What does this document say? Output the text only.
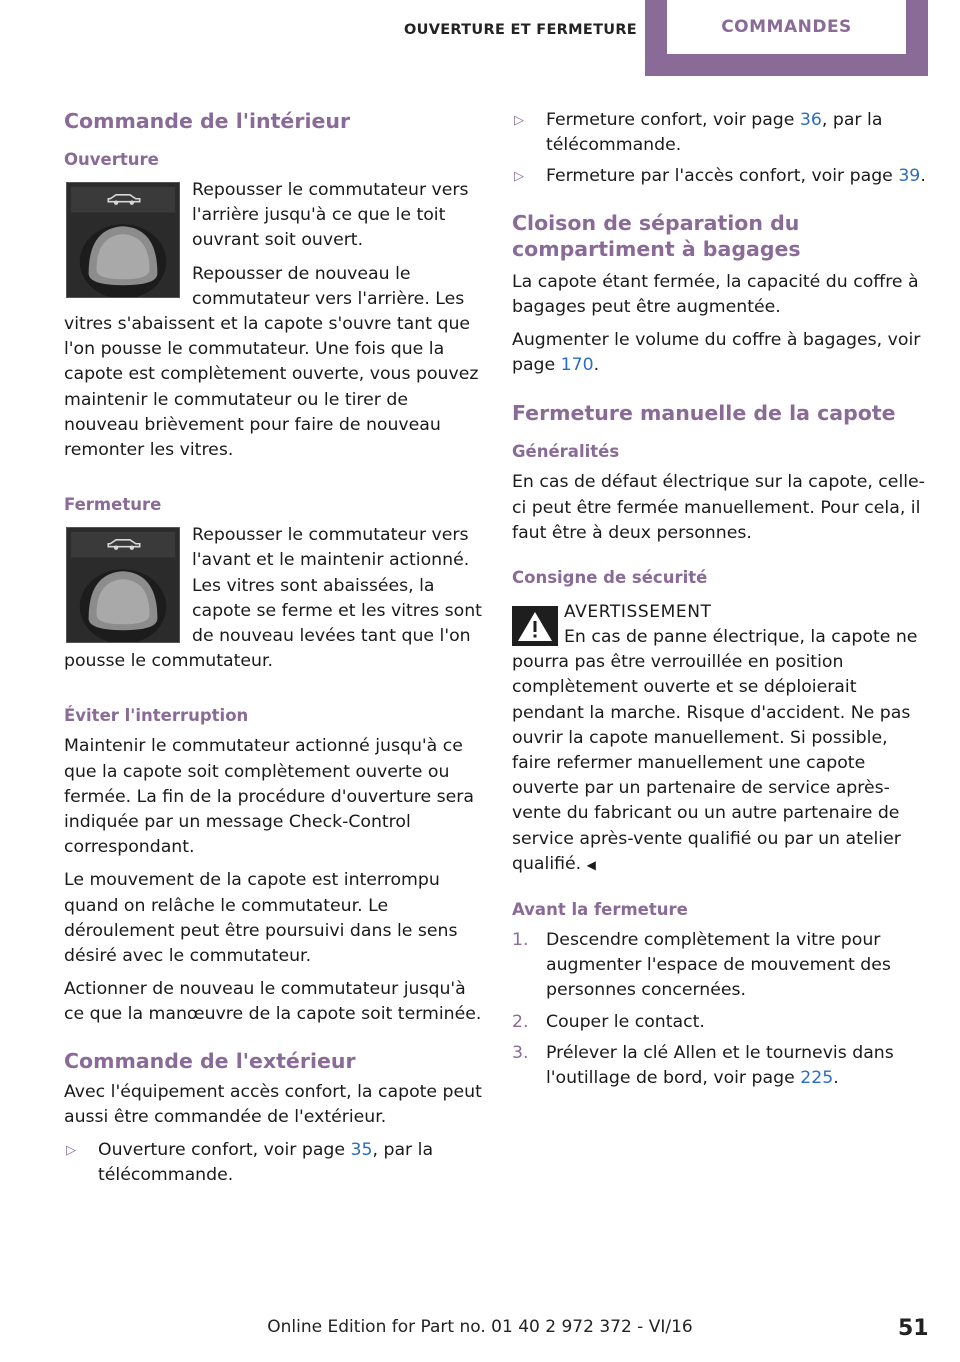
OUVERTURE ET FERMETURE	COMMANDES
Commande de l'intérieur
Ouverture

Repousser le commutateur vers l'arrière jusqu'à ce que le toit ouvrant soit ouvert.

Repousser de nouveau le commutateur vers l'arrière. Les vitres s'abaissent et la capote s'ouvre tant que l'on pousse le commutateur. Une fois que la capote est complètement ouverte, vous pouvez maintenir le commutateur ou le tirer de nouveau brièvement pour faire de nouveau remonter les vitres.

Fermeture

Repousser le commutateur vers l'avant et le maintenir actionné. Les vitres sont abaissées, la capote se ferme et les vitres sont de nouveau levées tant que l'on pousse le commutateur.

Éviter l'interruption

Maintenir le commutateur actionné jusqu'à ce que la capote soit complètement ouverte ou fermée. La fin de la procédure d'ouverture sera indiquée par un message Check-Control correspondant.

Le mouvement de la capote est interrompu quand on relâche le commutateur. Le déroulement peut être poursuivi dans le sens désiré avec le commutateur.

Actionner de nouveau le commutateur jusqu'à ce que la manœuvre de la capote soit terminée.

Commande de l'extérieur

Avec l'équipement accès confort, la capote peut aussi être commandée de l'extérieur.

▷ Ouverture confort, voir page 35, par la télécommande.
▷ Fermeture confort, voir page 36, par la télécommande.
▷ Fermeture par l'accès confort, voir page 39.
Cloison de séparation du compartiment à bagages

La capote étant fermée, la capacité du coffre à bagages peut être augmentée.

Augmenter le volume du coffre à bagages, voir page 170.

Fermeture manuelle de la capote
Généralités

En cas de défaut électrique sur la capote, celle-ci peut être fermée manuellement. Pour cela, il faut être à deux personnes.

Consigne de sécurité
AVERTISSEMENT

En cas de panne électrique, la capote ne pourra pas être verrouillée en position complètement ouverte et se déploierait pendant la marche. Risque d'accident. Ne pas ouvrir la capote manuellement. Si possible, faire refermer manuellement une capote ouverte par un partenaire de service après-vente du fabricant ou un autre partenaire de service après-vente qualifié ou par un atelier qualifié. ◀

Avant la fermeture
1. Descendre complètement la vitre pour augmenter l'espace de mouvement des personnes concernées.
2. Couper le contact.
3. Prélever la clé Allen et le tournevis dans l'outillage de bord, voir page 225.
Online Edition for Part no. 01 40 2 972 372 - VI/16	51
